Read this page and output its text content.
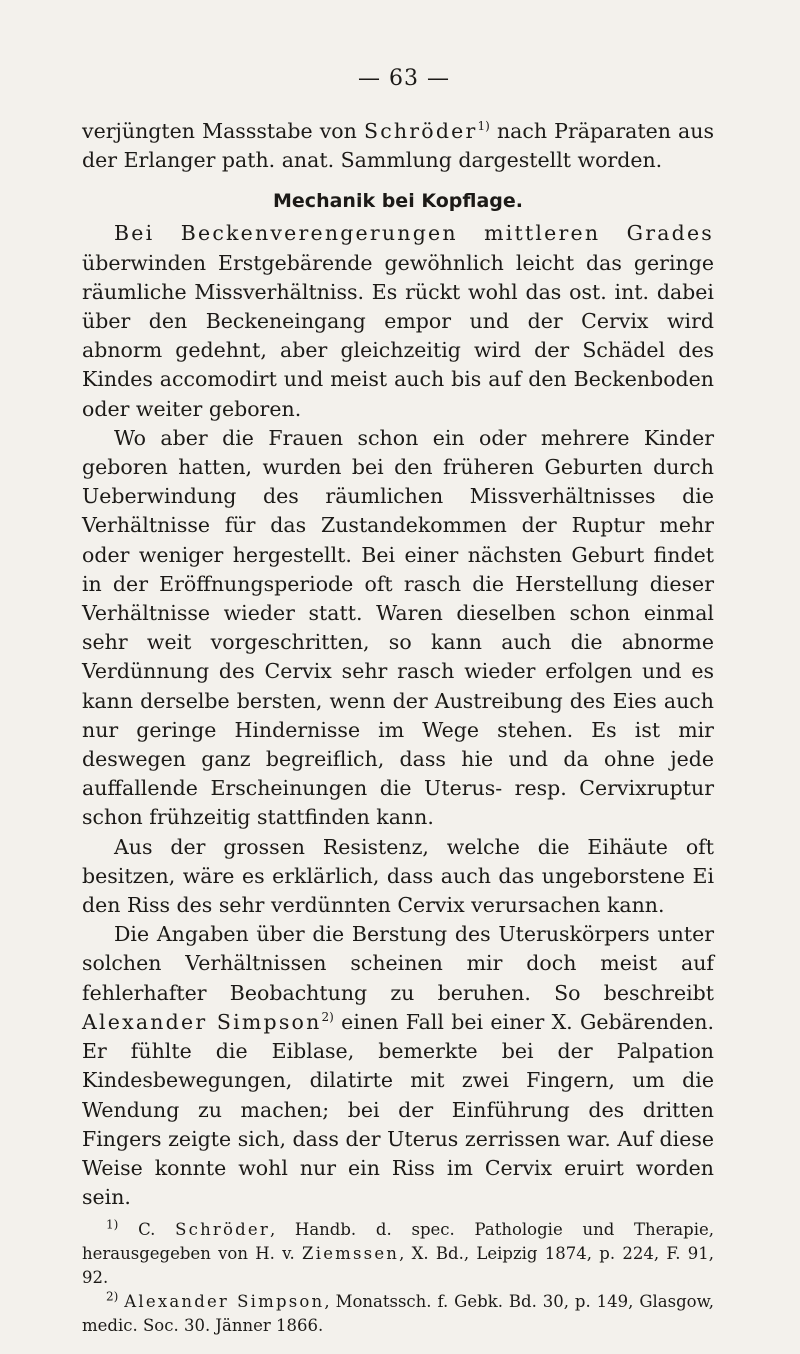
— 63 —

verjüngten Massstabe von Schröder$^{1)}$ nach Präparaten aus der Erlanger path. anat. Sammlung dargestellt worden.

Mechanik bei Kopflage.

Bei Beckenverengerungen mittleren Grades überwinden Erstgebärende gewöhnlich leicht das geringe räumliche Missverhältniss. Es rückt wohl das ost. int. dabei über den Beckeneingang empor und der Cervix wird abnorm gedehnt, aber gleichzeitig wird der Schädel des Kindes accomodirt und meist auch bis auf den Beckenboden oder weiter geboren.

Wo aber die Frauen schon ein oder mehrere Kinder geboren hatten, wurden bei den früheren Geburten durch Ueberwindung des räumlichen Missverhältnisses die Verhältnisse für das Zustandekommen der Ruptur mehr oder weniger hergestellt. Bei einer nächsten Geburt findet in der Eröffnungsperiode oft rasch die Herstellung dieser Verhältnisse wieder statt. Waren dieselben schon einmal sehr weit vorgeschritten, so kann auch die abnorme Verdünnung des Cervix sehr rasch wieder erfolgen und es kann derselbe bersten, wenn der Austreibung des Eies auch nur geringe Hindernisse im Wege stehen. Es ist mir deswegen ganz begreiflich, dass hie und da ohne jede auffallende Erscheinungen die Uterus- resp. Cervixruptur schon frühzeitig stattfinden kann.

Aus der grossen Resistenz, welche die Eihäute oft besitzen, wäre es erklärlich, dass auch das ungeborstene Ei den Riss des sehr verdünnten Cervix verursachen kann.

Die Angaben über die Berstung des Uteruskörpers unter solchen Verhältnissen scheinen mir doch meist auf fehlerhafter Beobachtung zu beruhen. So beschreibt Alexander Simpson$^{2)}$ einen Fall bei einer X. Gebärenden. Er fühlte die Eiblase, bemerkte bei der Palpation Kindesbewegungen, dilatirte mit zwei Fingern, um die Wendung zu machen; bei der Einführung des dritten Fingers zeigte sich, dass der Uterus zerrissen war. Auf diese Weise konnte wohl nur ein Riss im Cervix eruirt worden sein.

$^{1)}$ C. Schröder, Handb. d. spec. Pathologie und Therapie, herausgegeben von H. v. Ziemssen, X. Bd., Leipzig 1874, p. 224, F. 91, 92.

$^{2)}$ Alexander Simpson, Monatssch. f. Gebk. Bd. 30, p. 149, Glasgow, medic. Soc. 30. Jänner 1866.
